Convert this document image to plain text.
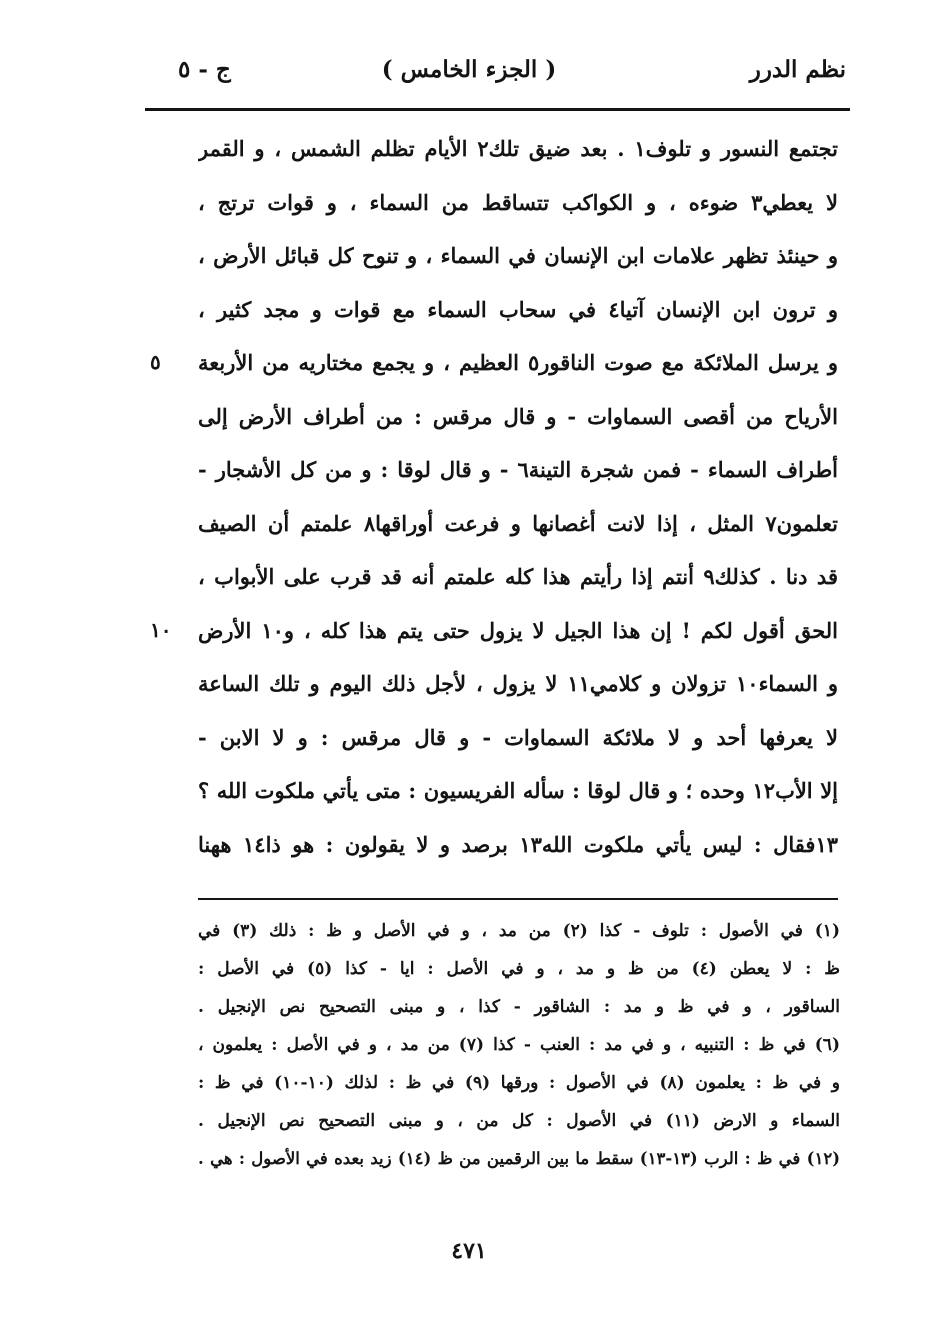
نظم الدرر
( الجزء الخامس )
ج - ٥
تجتمع النسور و تلوف١ . بعد ضيق تلك٢ الأيام تظلم الشمس ، و القمر
لا يعطي٣ ضوءه ، و الكواكب تتساقط من السماء ، و قوات ترتج ،
و حينئذ تظهر علامات ابن الإنسان في السماء ، و تنوح كل قبائل الأرض ،
و ترون ابن الإنسان آتيا٤ في سحاب السماء مع قوات و مجد كثير ،
و يرسل الملائكة مع صوت الناقور٥ العظيم ، و يجمع مختاريه من الأربعة
الأرياح من أقصى السماوات - و قال مرقس : من أطراف الأرض إلى
أطراف السماء - فمن شجرة التينة٦ - و قال لوقا : و من كل الأشجار -
تعلمون٧ المثل ، إذا لانت أغصانها و فرعت أوراقها٨ علمتم أن الصيف
قد دنا . كذلك٩ أنتم إذا رأيتم هذا كله علمتم أنه قد قرب على الأبواب ،
الحق أقول لكم ! إن هذا الجيل لا يزول حتى يتم هذا كله ، و١٠ الأرض
و السماء١٠ تزولان و كلامي١١ لا يزول ، لأجل ذلك اليوم و تلك الساعة
لا يعرفها أحد و لا ملائكة السماوات - و قال مرقس : و لا الابن -
إلا الأب١٢ وحده ؛ و قال لوقا : سأله الفريسيون : متى يأتي ملكوت الله ؟
١٣فقال : ليس يأتي ملكوت الله١٣ برصد و لا يقولون : هو ذا١٤ ههنا
٥
١٠
(١) في الأصول : تلوف - كذا (٢) من مد ، و في الأصل و ظ : ذلك (٣) في
ظ : لا يعطن (٤) من ظ و مد ، و في الأصل : ايا - كذا (٥) في الأصل :
الساقور ، و في ظ و مد : الشاقور - كذا ، و مبنى التصحيح نص الإنجيل .
(٦) في ظ : التنبيه ، و في مد : العنب - كذا (٧) من مد ، و في الأصل : يعلمون ،
و في ظ : يعلمون (٨) في الأصول : ورقها (٩) في ظ : لذلك (١٠-١٠) في ظ :
السماء و الارض (١١) في الأصول : كل من ، و مبنى التصحيح نص الإنجيل .
(١٢) في ظ : الرب (١٣-١٣) سقط ما بين الرقمين من ظ (١٤) زيد بعده في الأصول : هي .
٤٧١
